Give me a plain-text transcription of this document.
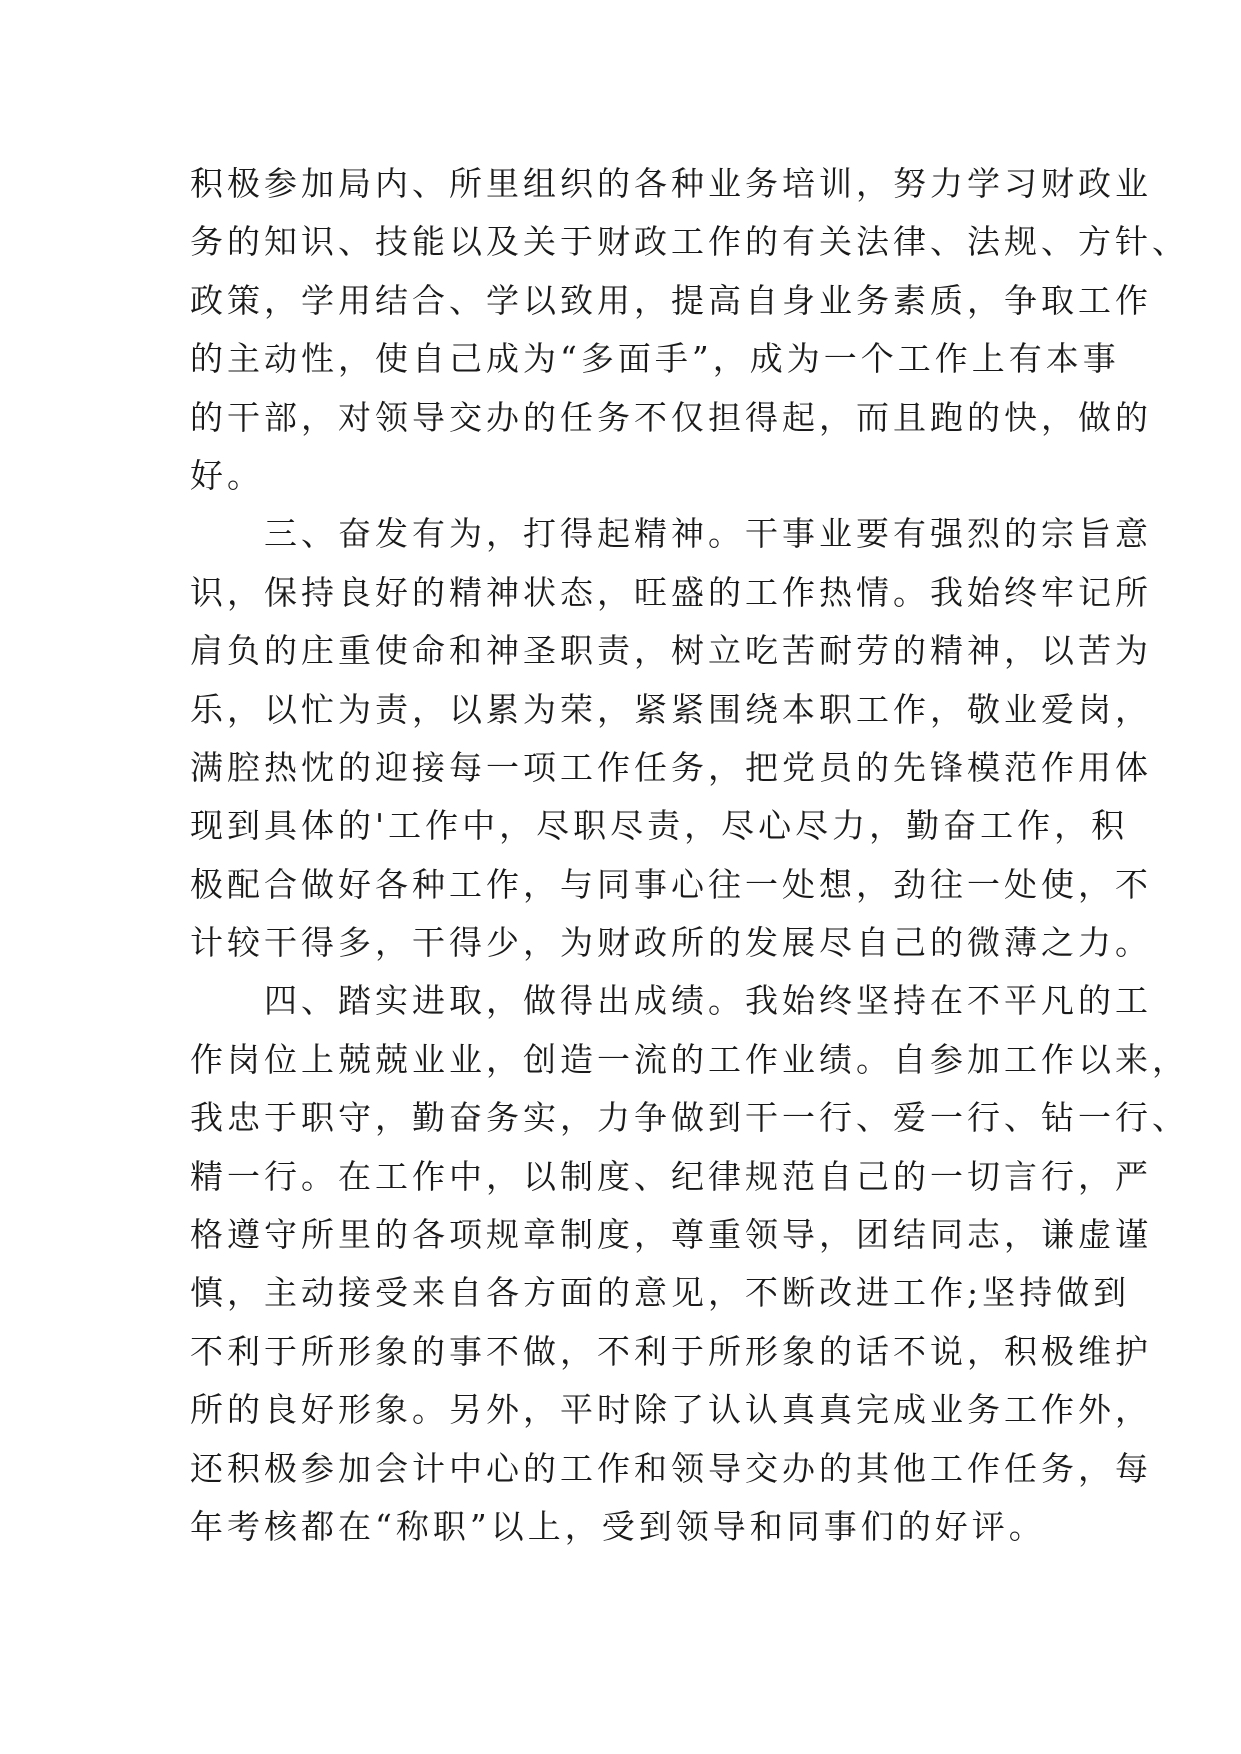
积极参加局内、所里组织的各种业务培训，努力学习财政业
务的知识、技能以及关于财政工作的有关法律、法规、方针、
政策，学用结合、学以致用，提高自身业务素质，争取工作
的主动性，使自己成为“多面手”，成为一个工作上有本事
的干部，对领导交办的任务不仅担得起，而且跑的快，做的
好。
　　三、奋发有为，打得起精神。干事业要有强烈的宗旨意
识，保持良好的精神状态，旺盛的工作热情。我始终牢记所
肩负的庄重使命和神圣职责，树立吃苦耐劳的精神，以苦为
乐，以忙为责，以累为荣，紧紧围绕本职工作，敬业爱岗，
满腔热忱的迎接每一项工作任务，把党员的先锋模范作用体
现到具体的'工作中，尽职尽责，尽心尽力，勤奋工作，积
极配合做好各种工作，与同事心往一处想，劲往一处使，不
计较干得多，干得少，为财政所的发展尽自己的微薄之力。
　　四、踏实进取，做得出成绩。我始终坚持在不平凡的工
作岗位上兢兢业业，创造一流的工作业绩。自参加工作以来，
我忠于职守，勤奋务实，力争做到干一行、爱一行、钻一行、
精一行。在工作中，以制度、纪律规范自己的一切言行，严
格遵守所里的各项规章制度，尊重领导，团结同志，谦虚谨
慎，主动接受来自各方面的意见，不断改进工作;坚持做到
不利于所形象的事不做，不利于所形象的话不说，积极维护
所的良好形象。另外，平时除了认认真真完成业务工作外，
还积极参加会计中心的工作和领导交办的其他工作任务，每
年考核都在“称职”以上，受到领导和同事们的好评。
